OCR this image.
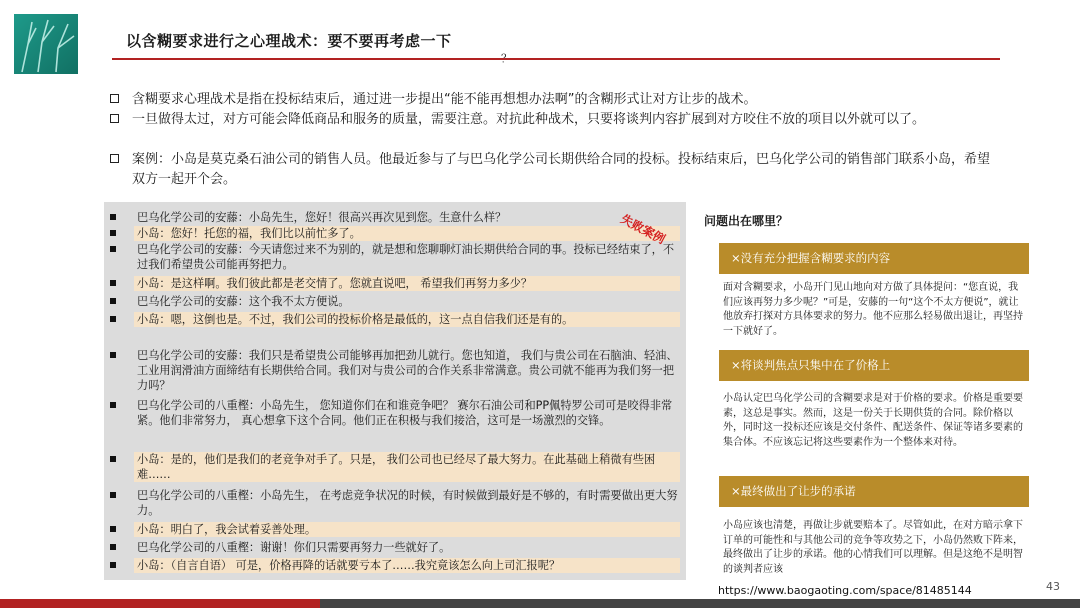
以含糊要求进行之心理战术：要不要再考虑一下
含糊要求心理战术是指在投标结束后，通过进一步提出“能不能再想想办法啊”的含糊形式让对方让步的战术。
一旦做得太过，对方可能会降低商品和服务的质量，需要注意。对抗此种战术，只要将谈判内容扩展到对方咬住不放的项目以外就可以了。
案例：小岛是莫克桑石油公司的销售人员。他最近参与了与巴乌化学公司长期供给合同的投标。投标结束后，巴乌化学公司的销售部门联系小岛，希望双方一起开个会。
巴乌化学公司的安藤：小岛先生，您好！很高兴再次见到您。生意什么样？
小岛：您好！托您的福，我们比以前忙多了。
巴乌化学公司的安藤：今天请您过来不为别的，就是想和您聊聊灯油长期供给合同的事。投标已经结束了，不过我们希望贵公司能再努把力。
小岛：是这样啊。我们彼此都是老交情了。您就直说吧， 希望我们再努力多少？
巴乌化学公司的安藤：这个我不太方便说。
小岛：嗯，这倒也是。不过，我们公司的投标价格是最低的，这一点自信我们还是有的。
巴乌化学公司的安藤：我们只是希望贵公司能够再加把劲儿就行。您也知道， 我们与贵公司在石脑油、轻油、工业用润滑油方面缔结有长期供给合同。我们对与贵公司的合作关系非常满意。贵公司就不能再为我们努一把力吗？
巴乌化学公司的八重樫：小岛先生， 您知道你们在和谁竞争吧？ 赛尔石油公司和PP佩特罗公司可是咬得非常紧。他们非常努力， 真心想拿下这个合同。他们正在积极与我们接洽，这可是一场激烈的交锋。
小岛：是的，他们是我们的老竞争对手了。只是， 我们公司也已经尽了最大努力。在此基础上稍微有些困难……
巴乌化学公司的八重樫：小岛先生， 在考虑竞争状况的时候，有时候做到最好是不够的，有时需要做出更大努力。
小岛：明白了，我会试着妥善处理。
巴乌化学公司的八重樫：谢谢！你们只需要再努力一些就好了。
小岛：（自言自语） 可是，价格再降的话就要亏本了……我究竟该怎么向上司汇报呢？
失败案例	问题出在哪里？
×没有充分把握含糊要求的内容
面对含糊要求，小岛开门见山地向对方做了具体提问：“您直说，我们应该再努力多少呢？”可是，安藤的一句“这个不太方便说”，就让他放弃打探对方具体要求的努力。他不应那么轻易做出退让，再坚持一下就好了。
×将谈判焦点只集中在了价格上
小岛认定巴乌化学公司的含糊要求是对于价格的要求。价格是重要要素，这总是事实。然而，这是一份关于长期供货的合同。除价格以外，同时这一投标还应该是交付条件、配送条件、保证等诸多要素的集合体。不应该忘记将这些要素作为一个整体来对待。
×最终做出了让步的承诺
小岛应该也清楚，再做让步就要赔本了。尽管如此，在对方暗示拿下订单的可能性和与其他公司的竞争等攻势之下，小岛仍然败下阵来，最终做出了让步的承诺。他的心情我们可以理解。但是这绝不是明智的谈判者应该
大数跨境	https://www.baogaoting.com/space/81485144	43
